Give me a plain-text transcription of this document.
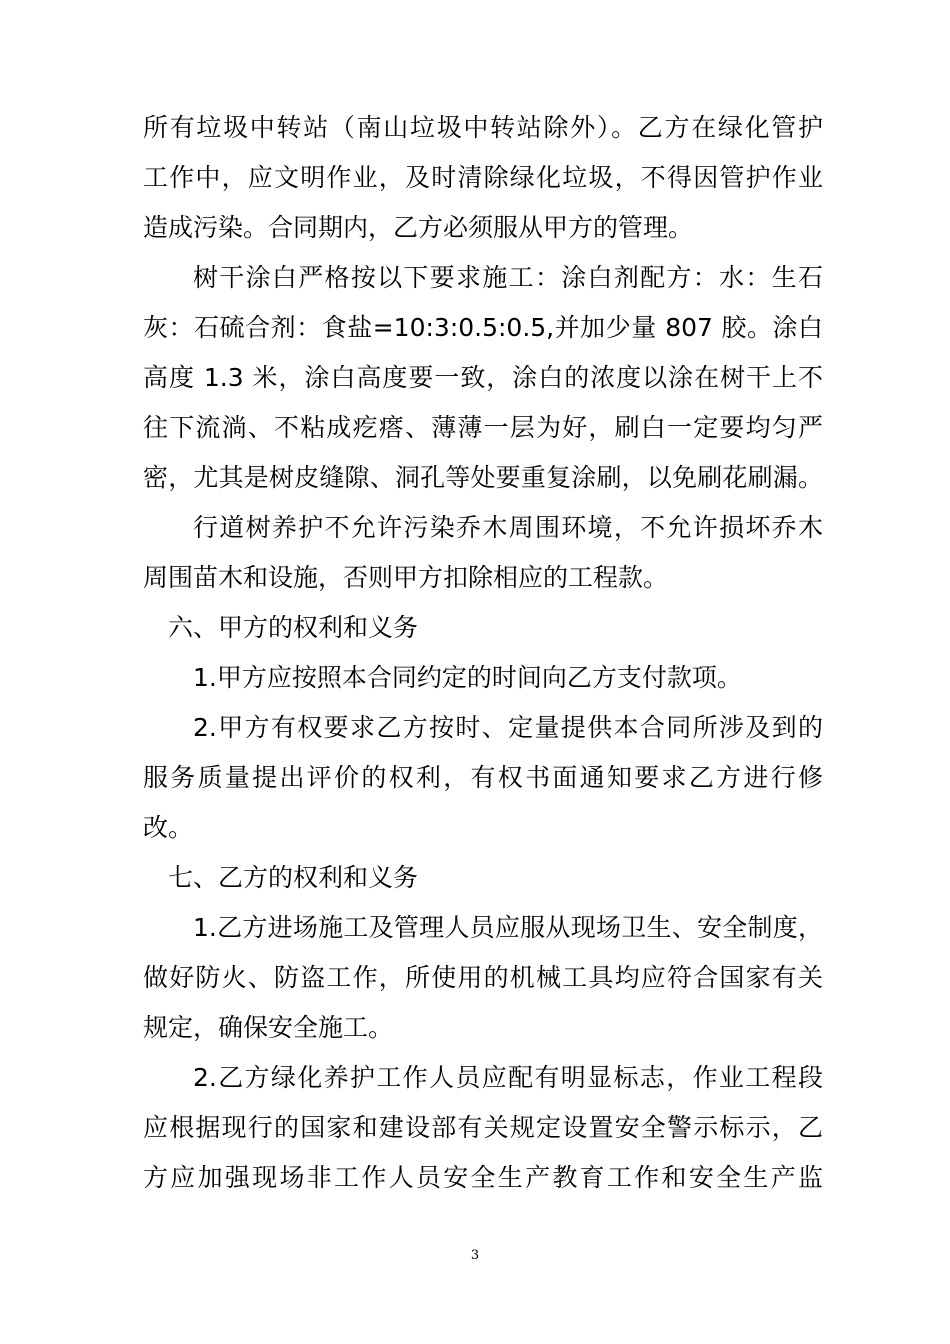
所有垃圾中转站（南山垃圾中转站除外）。乙方在绿化管护
工作中，应文明作业，及时清除绿化垃圾，不得因管护作业
造成污染。合同期内，乙方必须服从甲方的管理。
树干涂白严格按以下要求施工：涂白剂配方：水：生石
灰：石硫合剂：食盐=10:3:0.5:0.5,并加少量 807 胶。涂白
高度 1.3 米，涂白高度要一致，涂白的浓度以涂在树干上不
往下流淌、不粘成疙瘩、薄薄一层为好，刷白一定要均匀严
密，尤其是树皮缝隙、洞孔等处要重复涂刷，以免刷花刷漏。
行道树养护不允许污染乔木周围环境，不允许损坏乔木
周围苗木和设施，否则甲方扣除相应的工程款。
六、甲方的权利和义务
1.甲方应按照本合同约定的时间向乙方支付款项。
2.甲方有权要求乙方按时、定量提供本合同所涉及到的
服务质量提出评价的权利，有权书面通知要求乙方进行修
改。
七、乙方的权利和义务
1.乙方进场施工及管理人员应服从现场卫生、安全制度，
做好防火、防盗工作，所使用的机械工具均应符合国家有关
规定，确保安全施工。
2.乙方绿化养护工作人员应配有明显标志，作业工程段
应根据现行的国家和建设部有关规定设置安全警示标示，乙
方应加强现场非工作人员安全生产教育工作和安全生产监
3
